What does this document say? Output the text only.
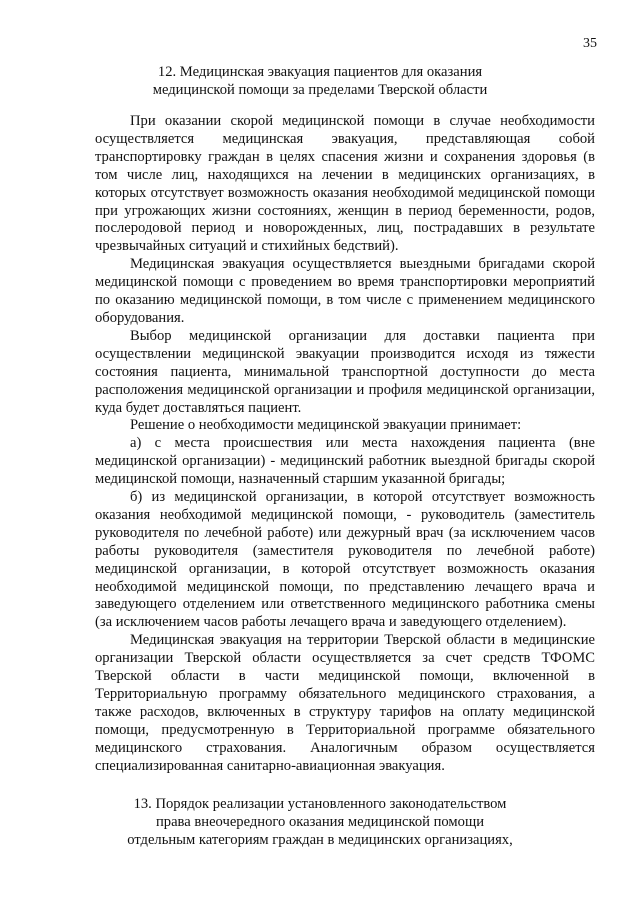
35
12. Медицинская эвакуация пациентов для оказания
медицинской помощи за пределами Тверской области

При оказании скорой медицинской помощи в случае необходимости осуществляется медицинская эвакуация, представляющая собой транспортировку граждан в целях спасения жизни и сохранения здоровья (в том числе лиц, находящихся на лечении в медицинских организациях, в которых отсутствует возможность оказания необходимой медицинской помощи при угрожающих жизни состояниях, женщин в период беременности, родов, послеродовой период и новорожденных, лиц, пострадавших в результате чрезвычайных ситуаций и стихийных бедствий).

Медицинская эвакуация осуществляется выездными бригадами скорой медицинской помощи с проведением во время транспортировки мероприятий по оказанию медицинской помощи, в том числе с применением медицинского оборудования.

Выбор медицинской организации для доставки пациента при осуществлении медицинской эвакуации производится исходя из тяжести состояния пациента, минимальной транспортной доступности до места расположения медицинской организации и профиля медицинской организации, куда будет доставляться пациент.

Решение о необходимости медицинской эвакуации принимает:

а) с места происшествия или места нахождения пациента (вне медицинской организации) - медицинский работник выездной бригады скорой медицинской помощи, назначенный старшим указанной бригады;

б) из медицинской организации, в которой отсутствует возможность оказания необходимой медицинской помощи, - руководитель (заместитель руководителя по лечебной работе) или дежурный врач (за исключением часов работы руководителя (заместителя руководителя по лечебной работе) медицинской организации, в которой отсутствует возможность оказания необходимой медицинской помощи, по представлению лечащего врача и заведующего отделением или ответственного медицинского работника смены (за исключением часов работы лечащего врача и заведующего отделением).

Медицинская эвакуация на территории Тверской области в медицинские организации Тверской области осуществляется за счет средств ТФОМС Тверской области в части медицинской помощи, включенной в Территориальную программу обязательного медицинского страхования, а также расходов, включенных в структуру тарифов на оплату медицинской помощи, предусмотренную в Территориальной программе обязательного медицинского страхования. Аналогичным образом осуществляется специализированная санитарно-авиационная эвакуация.

13. Порядок реализации установленного законодательством
права внеочередного оказания медицинской помощи
отдельным категориям граждан в медицинских организациях,
